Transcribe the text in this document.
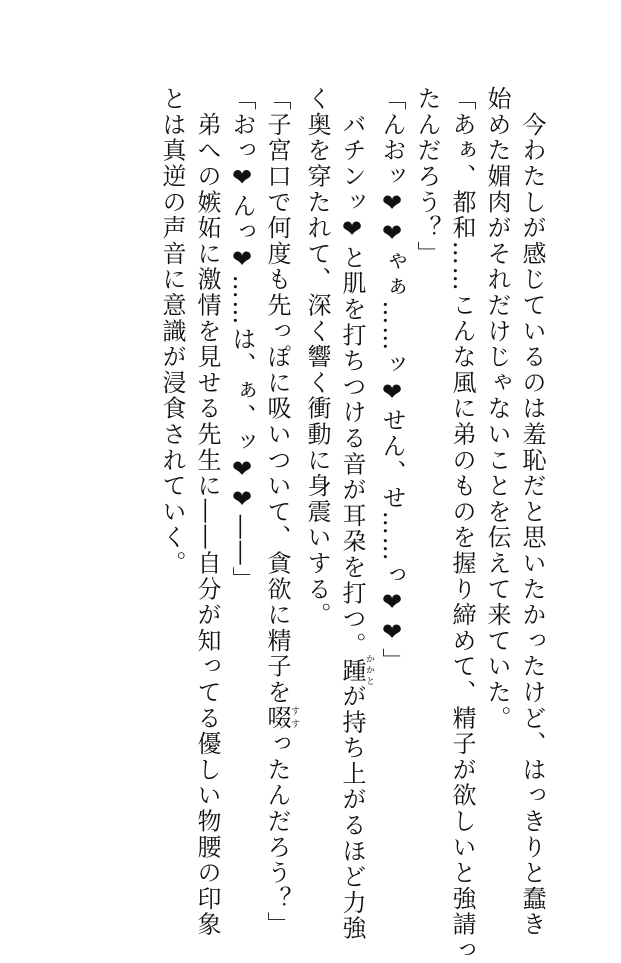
　今わたしが感じているのは羞恥だと思いたかったけど、はっきりと蠢き
始めた媚肉がそれだけじゃないことを伝えて来ていた。
「あぁ、都和……こんな風に弟のものを握り締めて、精子が欲しいと強請っ
たんだろう？」
「んおッ❤❤ゃぁ……ッ❤せん、せ……っ❤❤」
　バチンッ❤と肌を打ちつける音が耳朶を打つ。踵かかとが持ち上がるほど力強
く奥を穿たれて、深く響く衝動に身震いする。
「子宮口で何度も先っぽに吸いついて、貪欲に精子を啜すすったんだろう？」
「おっ❤んっ❤……は、ぁ、ッ❤❤――」
　弟への嫉妬に激情を見せる先生に――自分が知ってる優しい物腰の印象
とは真逆の声音に意識が浸食されていく。
